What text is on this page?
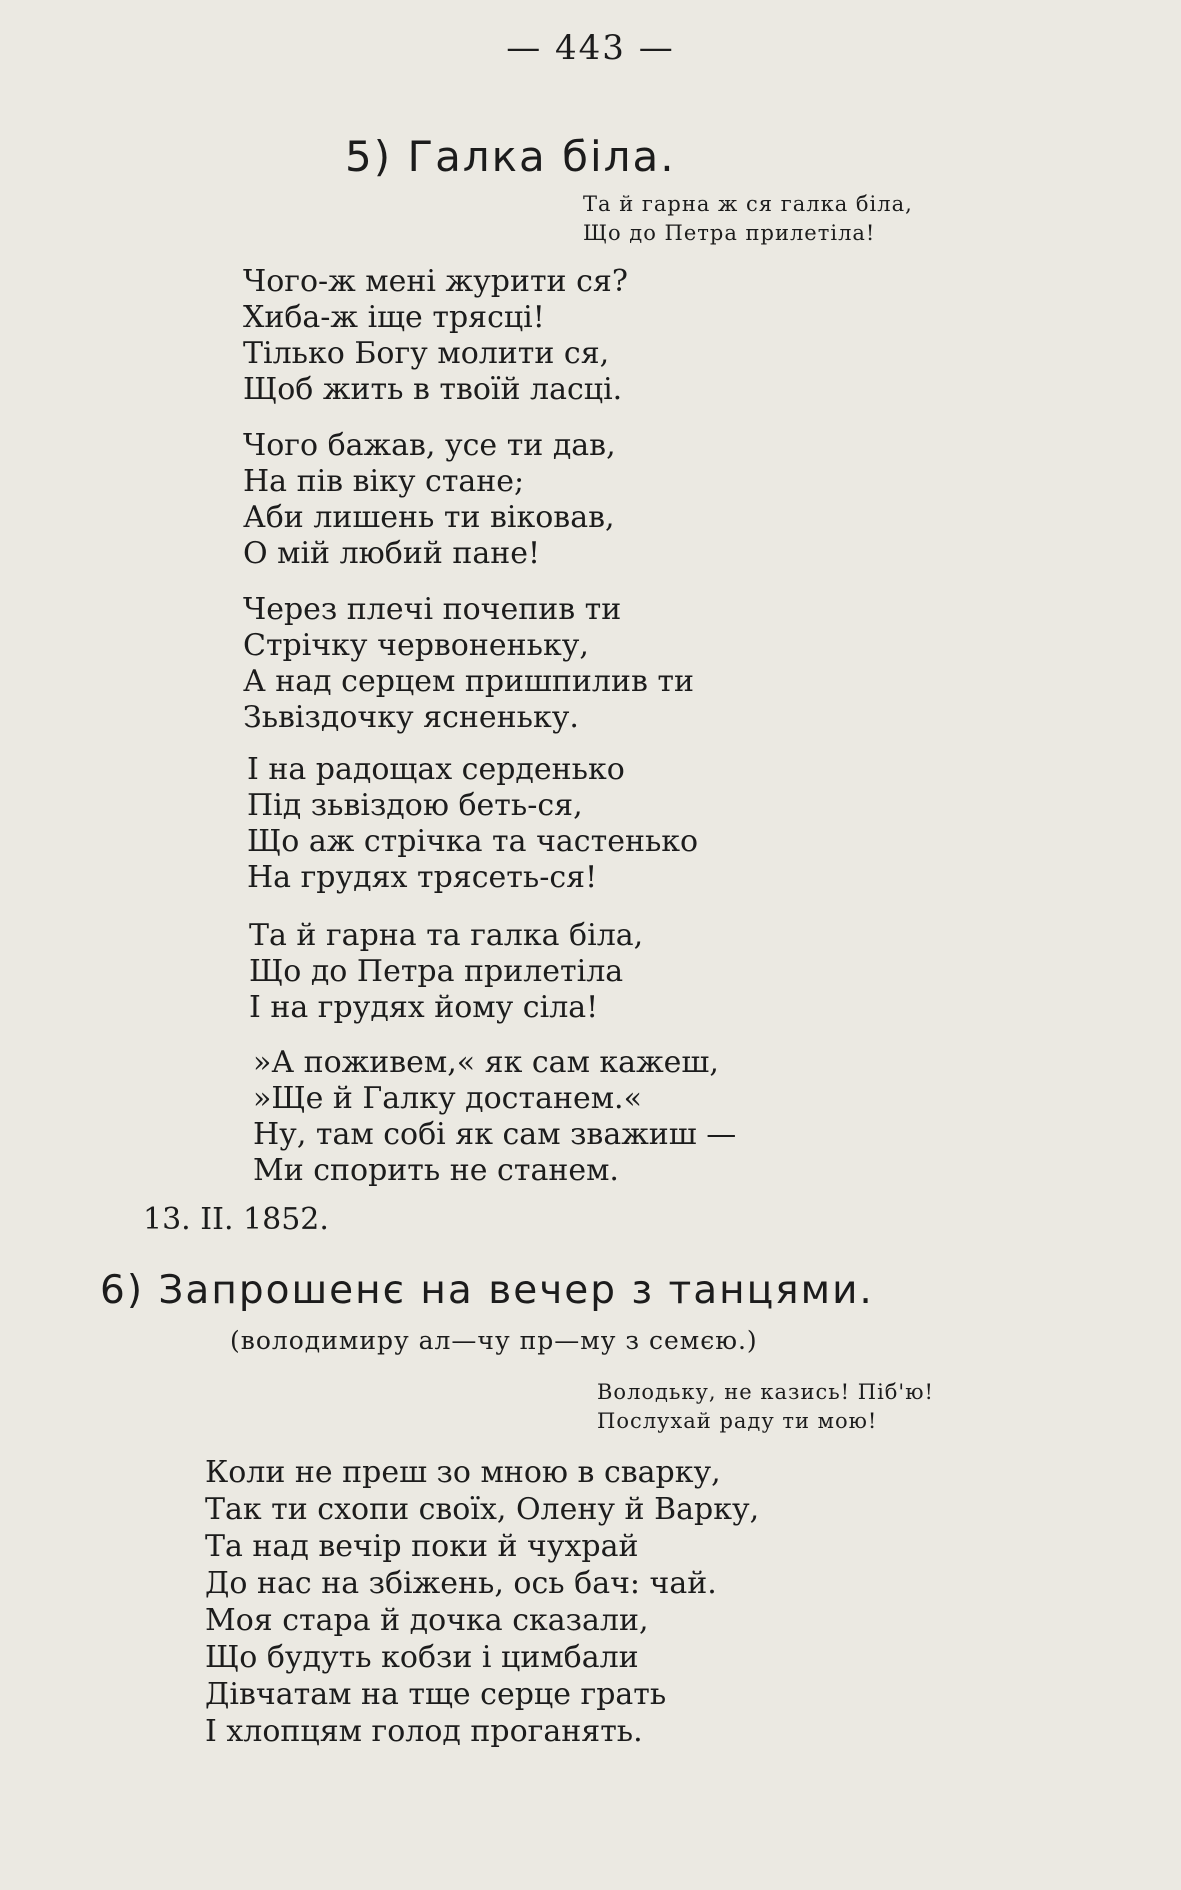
— 443 —
5) Галка біла.
Та й гарна ж ся галка біла,
Що до Петра прилетіла!
Чого-ж мені журити ся?
Хиба-ж іще трясці!
Тілько Богу молити ся,
Щоб жить в твоїй ласці.
Чого бажав, усе ти дав,
На пів віку стане;
Аби лишень ти віковав,
О мій любий пане!
Через плечі почепив ти
Стрічку червоненьку,
А над серцем пришпилив ти
Зьвіздочку ясненьку.
І на радощах серденько
Під зьвіздою беть-ся,
Що аж стрічка та частенько
На грудях трясеть-ся!
Та й гарна та галка біла,
Що до Петра прилетіла
І на грудях йому сіла!
»А поживем,« як сам кажеш,
»Ще й Галку достанем.«
Ну, там собі як сам зважиш —
Ми спорить не станем.
13. II. 1852.
6) Запрошенє на вечер з танцями.
(володимиру ал—чу пр—му з семєю.)
Володьку, не казись! Піб'ю!
Послухай раду ти мою!
Коли не преш зо мною в сварку,
Так ти схопи своїх, Олену й Варку,
Та над вечір поки й чухрай
До нас на збіжень, ось бач: чай.
Моя стара й дочка сказали,
Що будуть кобзи і цимбали
Дівчатам на тще серце грать
І хлопцям голод проганять.
